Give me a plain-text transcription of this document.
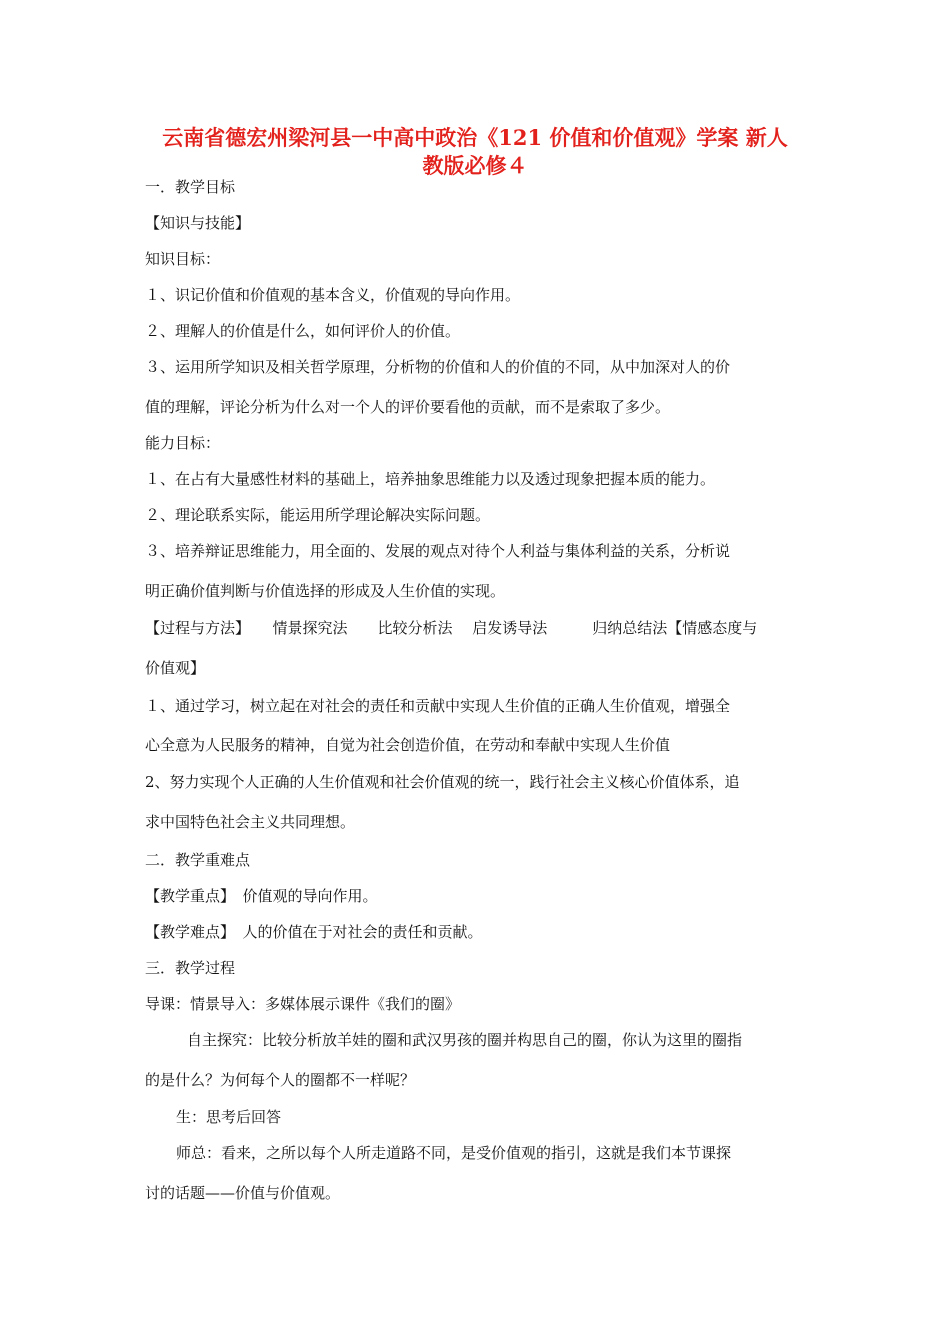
云南省德宏州梁河县一中高中政治《121 价值和价值观》学案 新人
教版必修４
一．教学目标
【知识与技能】
知识目标：
１、识记价值和价值观的基本含义，价值观的导向作用。
２、理解人的价值是什么，如何评价人的价值。
３、运用所学知识及相关哲学原理，分析物的价值和人的价值的不同，从中加深对人的价
值的理解，评论分析为什么对一个人的评价要看他的贡献，而不是索取了多少。
能力目标：
１、在占有大量感性材料的基础上，培养抽象思维能力以及透过现象把握本质的能力。
２、理论联系实际，能运用所学理论解决实际问题。
３、培养辩证思维能力，用全面的、发展的观点对待个人利益与集体利益的关系，分析说
明正确价值判断与价值选择的形成及人生价值的实现。
【过程与方法】　　情景探究法　　比较分析法　 启发诱导法　　　归纳总结法【情感态度与
价值观】
１、通过学习，树立起在对社会的责任和贡献中实现人生价值的正确人生价值观，增强全
心全意为人民服务的精神，自觉为社会创造价值，在劳动和奉献中实现人生价值
2、努力实现个人正确的人生价值观和社会价值观的统一，践行社会主义核心价值体系，追
求中国特色社会主义共同理想。
二．教学重难点
【教学重点】　价值观的导向作用。
【教学难点】　人的价值在于对社会的责任和贡献。
三．教学过程
导课：情景导入：多媒体展示课件《我们的圈》
自主探究：比较分析放羊娃的圈和武汉男孩的圈并构思自己的圈，你认为这里的圈指
的是什么？为何每个人的圈都不一样呢？
生：思考后回答
师总：看来，之所以每个人所走道路不同，是受价值观的指引，这就是我们本节课探
讨的话题——价值与价值观。
